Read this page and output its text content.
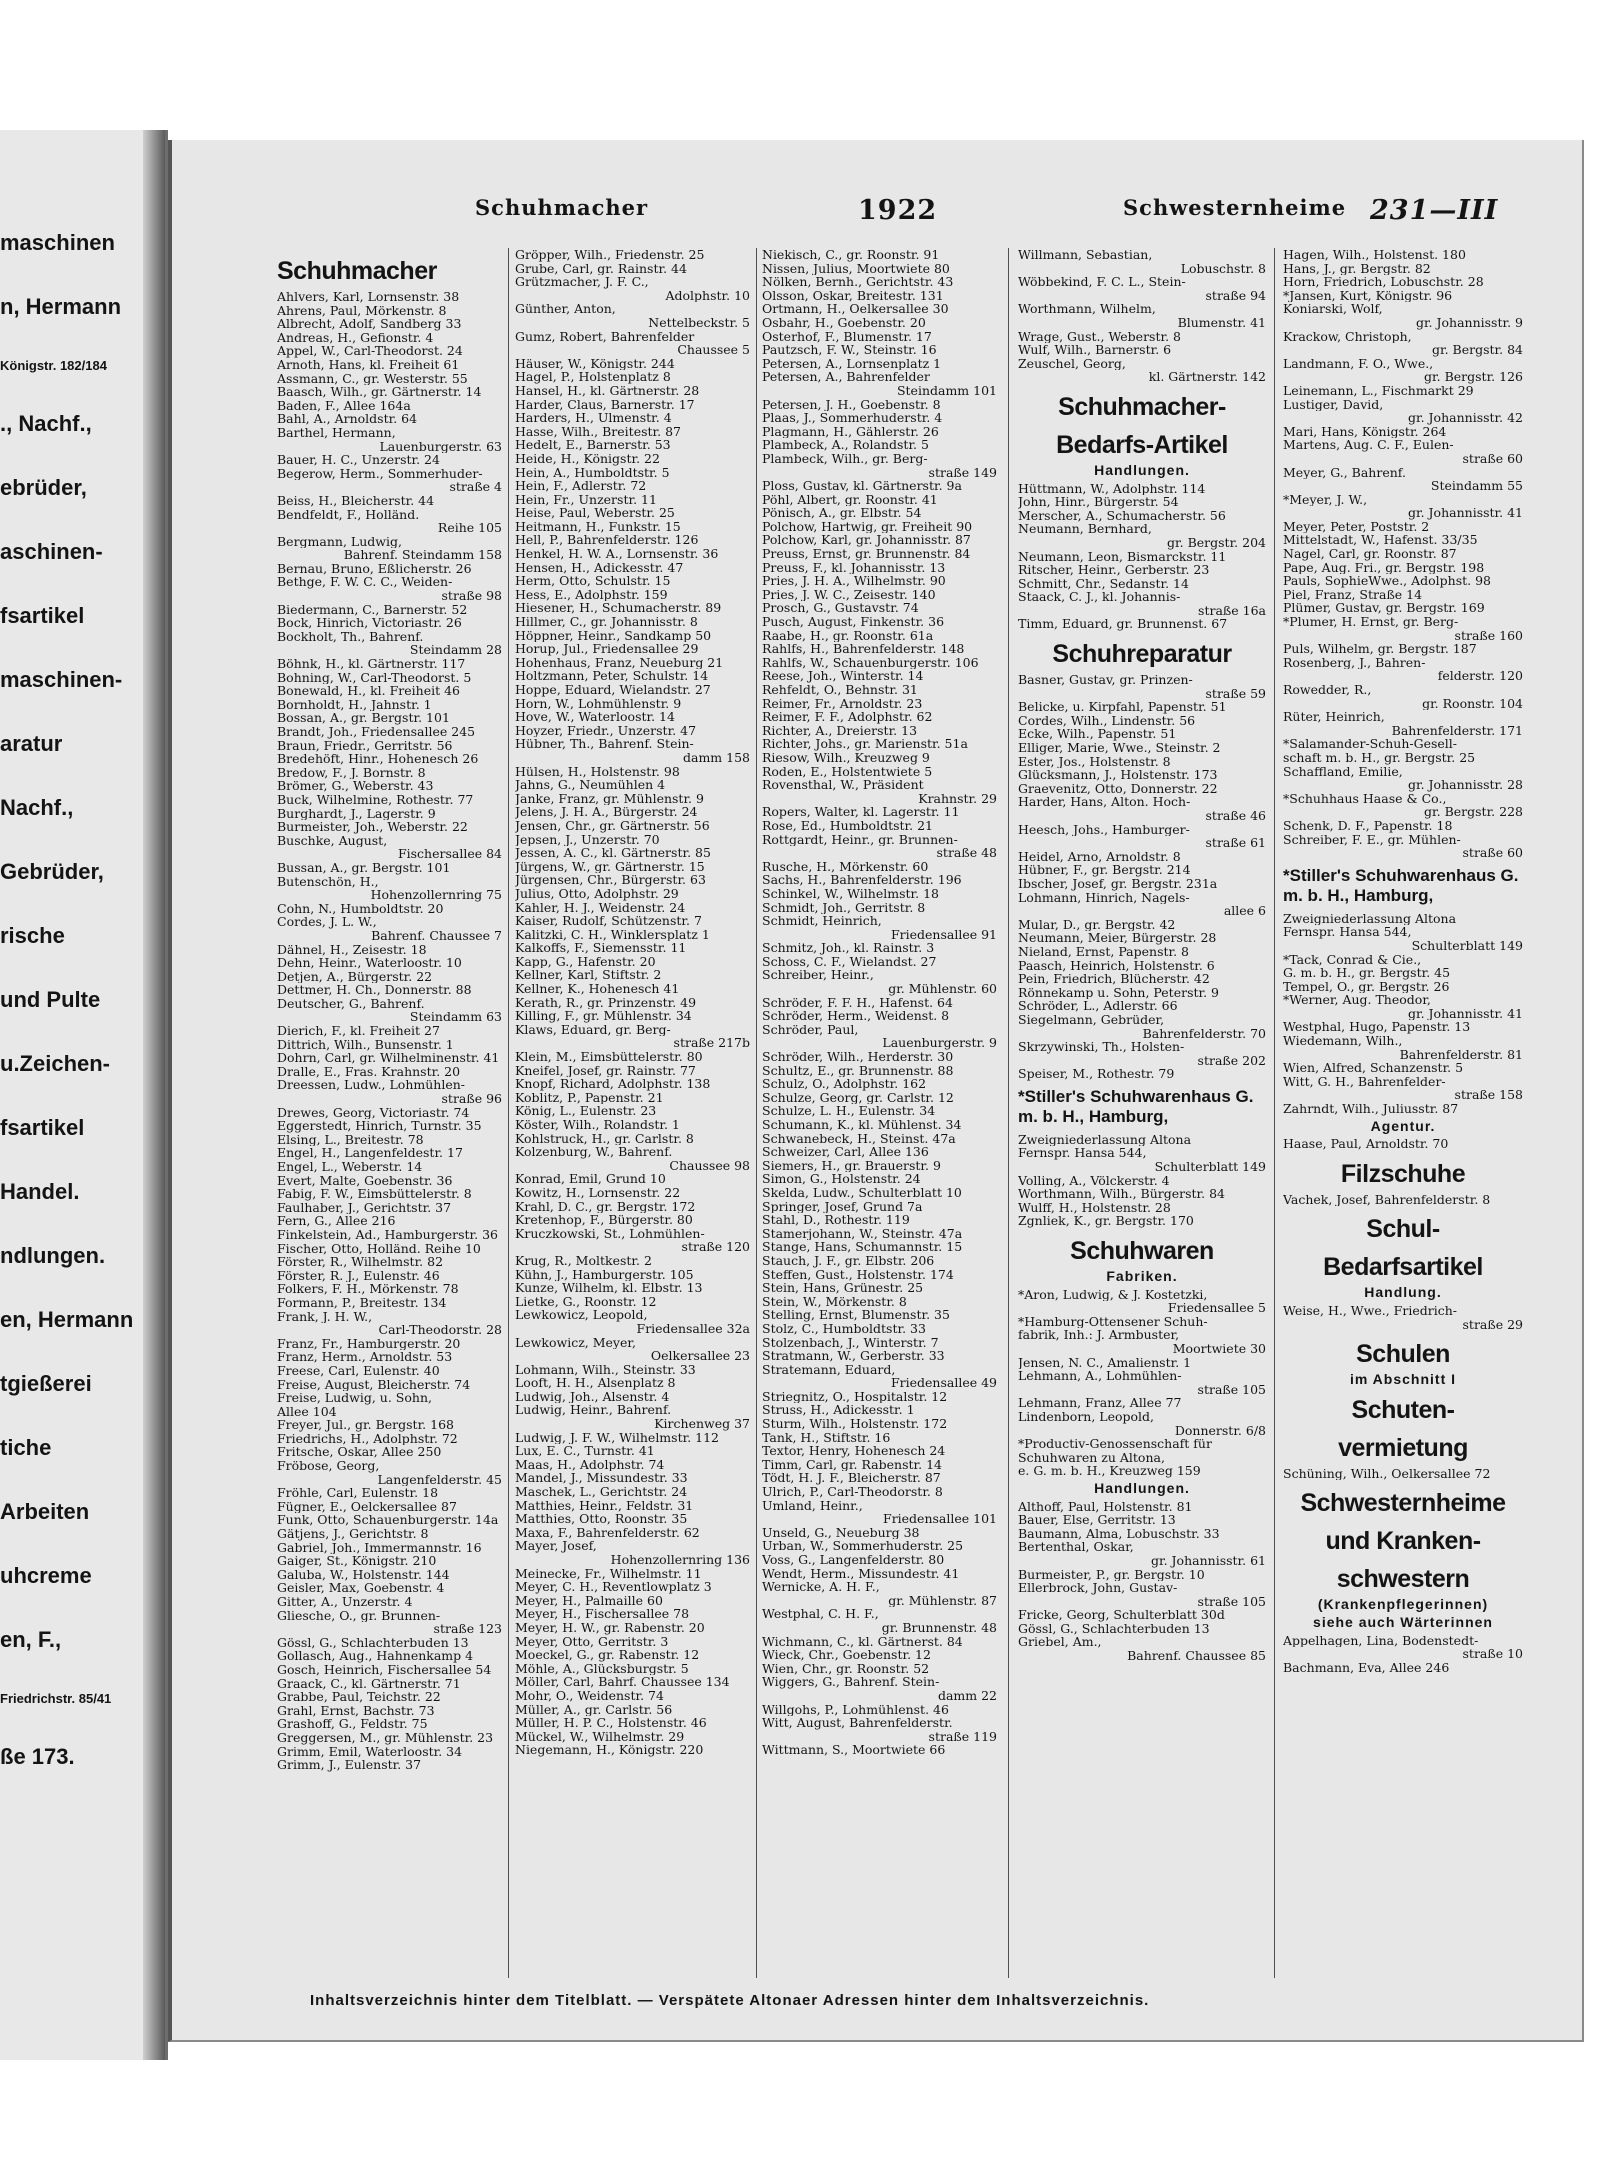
maschinen
n, Hermann
Königstr. 182/184
., Nachf.,
ebrüder,
aschinen-
fsartikel
maschinen-
aratur
Nachf.,
Gebrüder,
rische
und Pulte
u.Zeichen-
fsartikel
Handel.
ndlungen.
en, Hermann
tgießerei
tiche
Arbeiten
uhcreme
en, F.,
Friedrichstr. 85/41
ße 173.
Schuhmacher	1922	Schwesternheime 231—III
Schuhmacher
Ahlvers, Karl, Lornsenstr. 38
Ahrens, Paul, Mörkenstr. 8
Albrecht, Adolf, Sandberg 33
Andreas, H., Gefionstr. 4
Appel, W., Carl-Theodorst. 24
Arnoth, Hans, kl. Freiheit 61
Assmann, C., gr. Westerstr. 55
Baasch, Wilh., gr. Gärtnerstr. 14
Baden, F., Allee 164a
Bahl, A., Arnoldstr. 64
Barthel, Hermann,
Lauenburgerstr. 63
Bauer, H. C., Unzerstr. 24
Begerow, Herm., Sommerhuder-
straße 4
Beiss, H., Bleicherstr. 44
Bendfeldt, F., Holländ.
Reihe 105
Bergmann, Ludwig,
Bahrenf. Steindamm 158
Bernau, Bruno, Eßlicherstr. 26
Bethge, F. W. C. C., Weiden-
straße 98
Biedermann, C., Barnerstr. 52
Bock, Hinrich, Victoriastr. 26
Bockholt, Th., Bahrenf.
Steindamm 28
Böhnk, H., kl. Gärtnerstr. 117
Bohning, W., Carl-Theodorst. 5
Bonewald, H., kl. Freiheit 46
Bornholdt, H., Jahnstr. 1
Bossan, A., gr. Bergstr. 101
Brandt, Joh., Friedensallee 245
Braun, Friedr., Gerritstr. 56
Bredehöft, Hinr., Hohenesch 26
Bredow, F., J. Bornstr. 8
Brömer, G., Weberstr. 43
Buck, Wilhelmine, Rothestr. 77
Burghardt, J., Lagerstr. 9
Burmeister, Joh., Weberstr. 22
Buschke, August,
Fischersallee 84
Bussan, A., gr. Bergstr. 101
Butenschön, H.,
Hohenzollernring 75
Cohn, N., Humboldtstr. 20
Cordes, J. L. W.,
Bahrenf. Chaussee 7
Dähnel, H., Zeisestr. 18
Dehn, Heinr., Waterloostr. 10
Detjen, A., Bürgerstr. 22
Dettmer, H. Ch., Donnerstr. 88
Deutscher, G., Bahrenf.
Steindamm 63
Dierich, F., kl. Freiheit 27
Dittrich, Wilh., Bunsenstr. 1
Dohrn, Carl, gr. Wilhelminenstr. 41
Dralle, E., Fras. Krahnstr. 20
Dreessen, Ludw., Lohmühlen-
straße 96
Drewes, Georg, Victoriastr. 74
Eggerstedt, Hinrich, Turnstr. 35
Elsing, L., Breitestr. 78
Engel, H., Langenfeldestr. 17
Engel, L., Weberstr. 14
Evert, Malte, Goebenstr. 36
Fabig, F. W., Eimsbüttelerstr. 8
Faulhaber, J., Gerichtstr. 37
Fern, G., Allee 216
Finkelstein, Ad., Hamburgerstr. 36
Fischer, Otto, Holländ. Reihe 10
Förster, R., Wilhelmstr. 82
Förster, R. J., Eulenstr. 46
Folkers, F. H., Mörkenstr. 78
Formann, P., Breitestr. 134
Frank, J. H. W.,
Carl-Theodorstr. 28
Franz, Fr., Hamburgerstr. 20
Franz, Herm., Arnoldstr. 53
Freese, Carl, Eulenstr. 40
Freise, August, Bleicherstr. 74
Freise, Ludwig, u. Sohn,
Allee 104
Freyer, Jul., gr. Bergstr. 168
Friedrichs, H., Adolphstr. 72
Fritsche, Oskar, Allee 250
Fröbose, Georg,
Langenfelderstr. 45
Fröhle, Carl, Eulenstr. 18
Fügner, E., Oelckersallee 87
Funk, Otto, Schauenburgerstr. 14a
Gätjens, J., Gerichtstr. 8
Gabriel, Joh., Immermannstr. 16
Gaiger, St., Königstr. 210
Galuba, W., Holstenstr. 144
Geisler, Max, Goebenstr. 4
Gitter, A., Unzerstr. 4
Gliesche, O., gr. Brunnen-
straße 123
Gössl, G., Schlachterbuden 13
Gollasch, Aug., Hahnenkamp 4
Gosch, Heinrich, Fischersallee 54
Graack, C., kl. Gärtnerstr. 71
Grabbe, Paul, Teichstr. 22
Grahl, Ernst, Bachstr. 73
Grashoff, G., Feldstr. 75
Greggersen, M., gr. Mühlenstr. 23
Grimm, Emil, Waterloostr. 34
Grimm, J., Eulenstr. 37
Gröpper, Wilh., Friedenstr. 25
Grube, Carl, gr. Rainstr. 44
Grützmacher, J. F. C.,
Adolphstr. 10
Günther, Anton,
Nettelbeckstr. 5
Gumz, Robert, Bahrenfelder
Chaussee 5
Häuser, W., Königstr. 244
Hagel, P., Holstenplatz 8
Hansel, H., kl. Gärtnerstr. 28
Harder, Claus, Barnerstr. 17
Harders, H., Ulmenstr. 4
Hasse, Wilh., Breitestr. 87
Hedelt, E., Barnerstr. 53
Heide, H., Königstr. 22
Hein, A., Humboldtstr. 5
Hein, F., Adlerstr. 72
Hein, Fr., Unzerstr. 11
Heise, Paul, Weberstr. 25
Heitmann, H., Funkstr. 15
Hell, P., Bahrenfelderstr. 126
Henkel, H. W. A., Lornsenstr. 36
Hensen, H., Adickesstr. 47
Herm, Otto, Schulstr. 15
Hess, E., Adolphstr. 159
Hiesener, H., Schumacherstr. 89
Hillmer, C., gr. Johannisstr. 8
Höppner, Heinr., Sandkamp 50
Horup, Jul., Friedensallee 29
Hohenhaus, Franz, Neueburg 21
Holtzmann, Peter, Schulstr. 14
Hoppe, Eduard, Wielandstr. 27
Horn, W., Lohmühlenstr. 9
Hove, W., Waterloostr. 14
Hoyzer, Friedr., Unzerstr. 47
Hübner, Th., Bahrenf. Stein-
damm 158
Hülsen, H., Holstenstr. 98
Jahns, G., Neumühlen 4
Janke, Franz, gr. Mühlenstr. 9
Jelens, J. H. A., Bürgerstr. 24
Jensen, Chr., gr. Gärtnerstr. 56
Jepsen, J., Unzerstr. 70
Jessen, A. C., kl. Gärtnerstr. 85
Jürgens, W., gr. Gärtnerstr. 15
Jürgensen, Chr., Bürgerstr. 63
Julius, Otto, Adolphstr. 29
Kahler, H. J., Weidenstr. 24
Kaiser, Rudolf, Schützenstr. 7
Kalitzki, C. H., Winklersplatz 1
Kalkoffs, F., Siemensstr. 11
Kapp, G., Hafenstr. 20
Kellner, Karl, Stiftstr. 2
Kellner, K., Hohenesch 41
Kerath, R., gr. Prinzenstr. 49
Killing, F., gr. Mühlenstr. 34
Klaws, Eduard, gr. Berg-
straße 217b
Klein, M., Eimsbüttelerstr. 80
Kneifel, Josef, gr. Rainstr. 77
Knopf, Richard, Adolphstr. 138
Koblitz, P., Papenstr. 21
König, L., Eulenstr. 23
Köster, Wilh., Rolandstr. 1
Kohlstruck, H., gr. Carlstr. 8
Kolzenburg, W., Bahrenf.
Chaussee 98
Konrad, Emil, Grund 10
Kowitz, H., Lornsenstr. 22
Krahl, D. C., gr. Bergstr. 172
Kretenhop, F., Bürgerstr. 80
Kruczkowski, St., Lohmühlen-
straße 120
Krug, R., Moltkestr. 2
Kühn, J., Hamburgerstr. 105
Kunze, Wilhelm, kl. Elbstr. 13
Lietke, G., Roonstr. 12
Lewkowicz, Leopold,
Friedensallee 32a
Lewkowicz, Meyer,
Oelkersallee 23
Lohmann, Wilh., Steinstr. 33
Looft, H. H., Alsenplatz 8
Ludwig, Joh., Alsenstr. 4
Ludwig, Heinr., Bahrenf.
Kirchenweg 37
Ludwig, J. F. W., Wilhelmstr. 112
Lux, E. C., Turnstr. 41
Maas, H., Adolphstr. 74
Mandel, J., Missundestr. 33
Maschek, L., Gerichtstr. 24
Matthies, Heinr., Feldstr. 31
Matthies, Otto, Roonstr. 35
Maxa, F., Bahrenfelderstr. 62
Mayer, Josef,
Hohenzollernring 136
Meinecke, Fr., Wilhelmstr. 11
Meyer, C. H., Reventlowplatz 3
Meyer, H., Palmaille 60
Meyer, H., Fischersallee 78
Meyer, H. W., gr. Rabenstr. 20
Meyer, Otto, Gerritstr. 3
Moeckel, G., gr. Rabenstr. 12
Möhle, A., Glücksburgstr. 5
Möller, Carl, Bahrf. Chaussee 134
Mohr, O., Weidenstr. 74
Müller, A., gr. Carlstr. 56
Müller, H. P. C., Holstenstr. 46
Mückel, W., Wilhelmstr. 29
Niegemann, H., Königstr. 220
Niekisch, C., gr. Roonstr. 91
Nissen, Julius, Moortwiete 80
Nölken, Bernh., Gerichtstr. 43
Olsson, Oskar, Breitestr. 131
Ortmann, H., Oelkersallee 30
Osbahr, H., Goebenstr. 20
Osterhof, F., Blumenstr. 17
Pautzsch, F. W., Steinstr. 16
Petersen, A., Lornsenplatz 1
Petersen, A., Bahrenfelder
Steindamm 101
Petersen, J. H., Goebenstr. 8
Plaas, J., Sommerhuderstr. 4
Plagmann, H., Gählerstr. 26
Plambeck, A., Rolandstr. 5
Plambeck, Wilh., gr. Berg-
straße 149
Ploss, Gustav, kl. Gärtnerstr. 9a
Pöhl, Albert, gr. Roonstr. 41
Pönisch, A., gr. Elbstr. 54
Polchow, Hartwig, gr. Freiheit 90
Polchow, Karl, gr. Johannisstr. 87
Preuss, Ernst, gr. Brunnenstr. 84
Preuss, F., kl. Johannisstr. 13
Pries, J. H. A., Wilhelmstr. 90
Pries, J. W. C., Zeisestr. 140
Prosch, G., Gustavstr. 74
Pusch, August, Finkenstr. 36
Raabe, H., gr. Roonstr. 61a
Rahlfs, H., Bahrenfelderstr. 148
Rahlfs, W., Schauenburgerstr. 106
Reese, Joh., Winterstr. 14
Rehfeldt, O., Behnstr. 31
Reimer, Fr., Arnoldstr. 23
Reimer, F. F., Adolphstr. 62
Richter, A., Dreierstr. 13
Richter, Johs., gr. Marienstr. 51a
Riesow, Wilh., Kreuzweg 9
Roden, E., Holstentwiete 5
Rovensthal, W., Präsident
Krahnstr. 29
Ropers, Walter, kl. Lagerstr. 11
Rose, Ed., Humboldtstr. 21
Rottgardt, Heinr., gr. Brunnen-
straße 48
Rusche, H., Mörkenstr. 60
Sachs, H., Bahrenfelderstr. 196
Schinkel, W., Wilhelmstr. 18
Schmidt, Joh., Gerritstr. 8
Schmidt, Heinrich,
Friedensallee 91
Schmitz, Joh., kl. Rainstr. 3
Schoss, C. F., Wielandst. 27
Schreiber, Heinr.,
gr. Mühlenstr. 60
Schröder, F. F. H., Hafenst. 64
Schröder, Herm., Weidenst. 8
Schröder, Paul,
Lauenburgerstr. 9
Schröder, Wilh., Herderstr. 30
Schultz, E., gr. Brunnenstr. 88
Schulz, O., Adolphstr. 162
Schulze, Georg, gr. Carlstr. 12
Schulze, L. H., Eulenstr. 34
Schumann, K., kl. Mühlenst. 34
Schwanebeck, H., Steinst. 47a
Schweizer, Carl, Allee 136
Siemers, H., gr. Brauerstr. 9
Simon, G., Holstenstr. 24
Skelda, Ludw., Schulterblatt 10
Springer, Josef, Grund 7a
Stahl, D., Rothestr. 119
Stamerjohann, W., Steinstr. 47a
Stange, Hans, Schumannstr. 15
Stauch, J. F., gr. Elbstr. 206
Steffen, Gust., Holstenstr. 174
Stein, Hans, Grünestr. 25
Stein, W., Mörkenstr. 8
Stelling, Ernst, Blumenstr. 35
Stolz, C., Humboldtstr. 33
Stolzenbach, J., Winterstr. 7
Stratmann, W., Gerberstr. 33
Stratemann, Eduard,
Friedensallee 49
Striegnitz, O., Hospitalstr. 12
Struss, H., Adickesstr. 1
Sturm, Wilh., Holstenstr. 172
Tank, H., Stiftstr. 16
Textor, Henry, Hohenesch 24
Timm, Carl, gr. Rabenstr. 14
Tödt, H. J. F., Bleicherstr. 87
Ulrich, P., Carl-Theodorstr. 8
Umland, Heinr.,
Friedensallee 101
Unseld, G., Neueburg 38
Urban, W., Sommerhuderstr. 25
Voss, G., Langenfelderstr. 80
Wendt, Herm., Missundestr. 41
Wernicke, A. H. F.,
gr. Mühlenstr. 87
Westphal, C. H. F.,
gr. Brunnenstr. 48
Wichmann, C., kl. Gärtnerst. 84
Wieck, Chr., Goebenstr. 12
Wien, Chr., gr. Roonstr. 52
Wiggers, G., Bahrenf. Stein-
damm 22
Willgohs, P., Lohmühlenst. 46
Witt, August, Bahrenfelderstr.
straße 119
Wittmann, S., Moortwiete 66
Willmann, Sebastian,
Lobuschstr. 8
Wöbbekind, F. C. L., Stein-
straße 94
Worthmann, Wilhelm,
Blumenstr. 41
Wrage, Gust., Weberstr. 8
Wulf, Wilh., Barnerstr. 6
Zeuschel, Georg,
kl. Gärtnerstr. 142
Schuhmacher-
Bedarfs-Artikel
Handlungen.
Hüttmann, W., Adolphstr. 114
John, Hinr., Bürgerstr. 54
Merscher, A., Schumacherstr. 56
Neumann, Bernhard,
gr. Bergstr. 204
Neumann, Leon, Bismarckstr. 11
Ritscher, Heinr., Gerberstr. 23
Schmitt, Chr., Sedanstr. 14
Staack, C. J., kl. Johannis-
straße 16a
Timm, Eduard, gr. Brunnenst. 67
Schuhreparatur
Basner, Gustav, gr. Prinzen-
straße 59
Belicke, u. Kirpfahl, Papenstr. 51
Cordes, Wilh., Lindenstr. 56
Ecke, Wilh., Papenstr. 51
Elliger, Marie, Wwe., Steinstr. 2
Ester, Jos., Holstenstr. 8
Glücksmann, J., Holstenstr. 173
Graevenitz, Otto, Donnerstr. 22
Harder, Hans, Alton. Hoch-
straße 46
Heesch, Johs., Hamburger-
straße 61
Heidel, Arno, Arnoldstr. 8
Hübner, F., gr. Bergstr. 214
Ibscher, Josef, gr. Bergstr. 231a
Lohmann, Hinrich, Nagels-
allee 6
Mular, D., gr. Bergstr. 42
Neumann, Meier, Bürgerstr. 28
Nieland, Ernst, Papenstr. 8
Paasch, Heinrich, Holstenstr. 6
Pein, Friedrich, Blücherstr. 42
Rönnekamp u. Sohn, Peterstr. 9
Schröder, L., Adlerstr. 66
Siegelmann, Gebrüder,
Bahrenfelderstr. 70
Skrzywinski, Th., Holsten-
straße 202
Speiser, M., Rothestr. 79
*Stiller's Schuhwarenhaus G. m. b. H., Hamburg,
Zweigniederlassung Altona
Fernspr. Hansa 544,
Schulterblatt 149
Volling, A., Völckerstr. 4
Worthmann, Wilh., Bürgerstr. 84
Wulff, H., Holstenstr. 28
Zgnliek, K., gr. Bergstr. 170
Schuhwaren
Fabriken.
*Aron, Ludwig, & J. Kostetzki,
Friedensallee 5
*Hamburg-Ottensener Schuh-
fabrik, Inh.: J. Armbuster,
Moortwiete 30
Jensen, N. C., Amalienstr. 1
Lehmann, A., Lohmühlen-
straße 105
Lehmann, Franz, Allee 77
Lindenborn, Leopold,
Donnerstr. 6/8
*Productiv-Genossenschaft für
Schuhwaren zu Altona,
e. G. m. b. H., Kreuzweg 159
Handlungen.
Althoff, Paul, Holstenstr. 81
Bauer, Else, Gerritstr. 13
Baumann, Alma, Lobuschstr. 33
Bertenthal, Oskar,
gr. Johannisstr. 61
Burmeister, P., gr. Bergstr. 10
Ellerbrock, John, Gustav-
straße 105
Fricke, Georg, Schulterblatt 30d
Gössl, G., Schlachterbuden 13
Griebel, Am.,
Bahrenf. Chaussee 85
Hagen, Wilh., Holstenst. 180
Hans, J., gr. Bergstr. 82
Horn, Friedrich, Lobuschstr. 28
*Jansen, Kurt, Königstr. 96
Koniarski, Wolf,
gr. Johannisstr. 9
Krackow, Christoph,
gr. Bergstr. 84
Landmann, F. O., Wwe.,
gr. Bergstr. 126
Leinemann, L., Fischmarkt 29
Lustiger, David,
gr. Johannisstr. 42
Mari, Hans, Königstr. 264
Martens, Aug. C. F., Eulen-
straße 60
Meyer, G., Bahrenf.
Steindamm 55
*Meyer, J. W.,
gr. Johannisstr. 41
Meyer, Peter, Poststr. 2
Mittelstadt, W., Hafenst. 33/35
Nagel, Carl, gr. Roonstr. 87
Pape, Aug. Fri., gr. Bergstr. 198
Pauls, SophieWwe., Adolphst. 98
Piel, Franz, Straße 14
Plümer, Gustav, gr. Bergstr. 169
*Plumer, H. Ernst, gr. Berg-
straße 160
Puls, Wilhelm, gr. Bergstr. 187
Rosenberg, J., Bahren-
felderstr. 120
Rowedder, R.,
gr. Roonstr. 104
Rüter, Heinrich,
Bahrenfelderstr. 171
*Salamander-Schuh-Gesell-
schaft m. b. H., gr. Bergstr. 25
Schaffland, Emilie,
gr. Johannisstr. 28
*Schuhhaus Haase & Co.,
gr. Bergstr. 228
Schenk, D. F., Papenstr. 18
Schreiber, F. E., gr. Mühlen-
straße 60
*Stiller's Schuhwarenhaus G. m. b. H., Hamburg,
Zweigniederlassung Altona
Fernspr. Hansa 544,
Schulterblatt 149
*Tack, Conrad & Cie.,
G. m. b. H., gr. Bergstr. 45
Tempel, O., gr. Bergstr. 26
*Werner, Aug. Theodor,
gr. Johannisstr. 41
Westphal, Hugo, Papenstr. 13
Wiedemann, Wilh.,
Bahrenfelderstr. 81
Wien, Alfred, Schanzenstr. 5
Witt, G. H., Bahrenfelder-
straße 158
Zahrndt, Wilh., Juliusstr. 87
Agentur.
Haase, Paul, Arnoldstr. 70
Filzschuhe
Vachek, Josef, Bahrenfelderstr. 8
Schul-
Bedarfsartikel
Handlung.
Weise, H., Wwe., Friedrich-
straße 29
Schulen
im Abschnitt I
Schuten-
vermietung
Schüning, Wilh., Oelkersallee 72
Schwesternheime
und Kranken-
schwestern
(Krankenpflegerinnen)
siehe auch Wärterinnen
Appelhagen, Lina, Bodenstedt-
straße 10
Bachmann, Eva, Allee 246
Inhaltsverzeichnis hinter dem Titelblatt. — Verspätete Altonaer Adressen hinter dem Inhaltsverzeichnis.
